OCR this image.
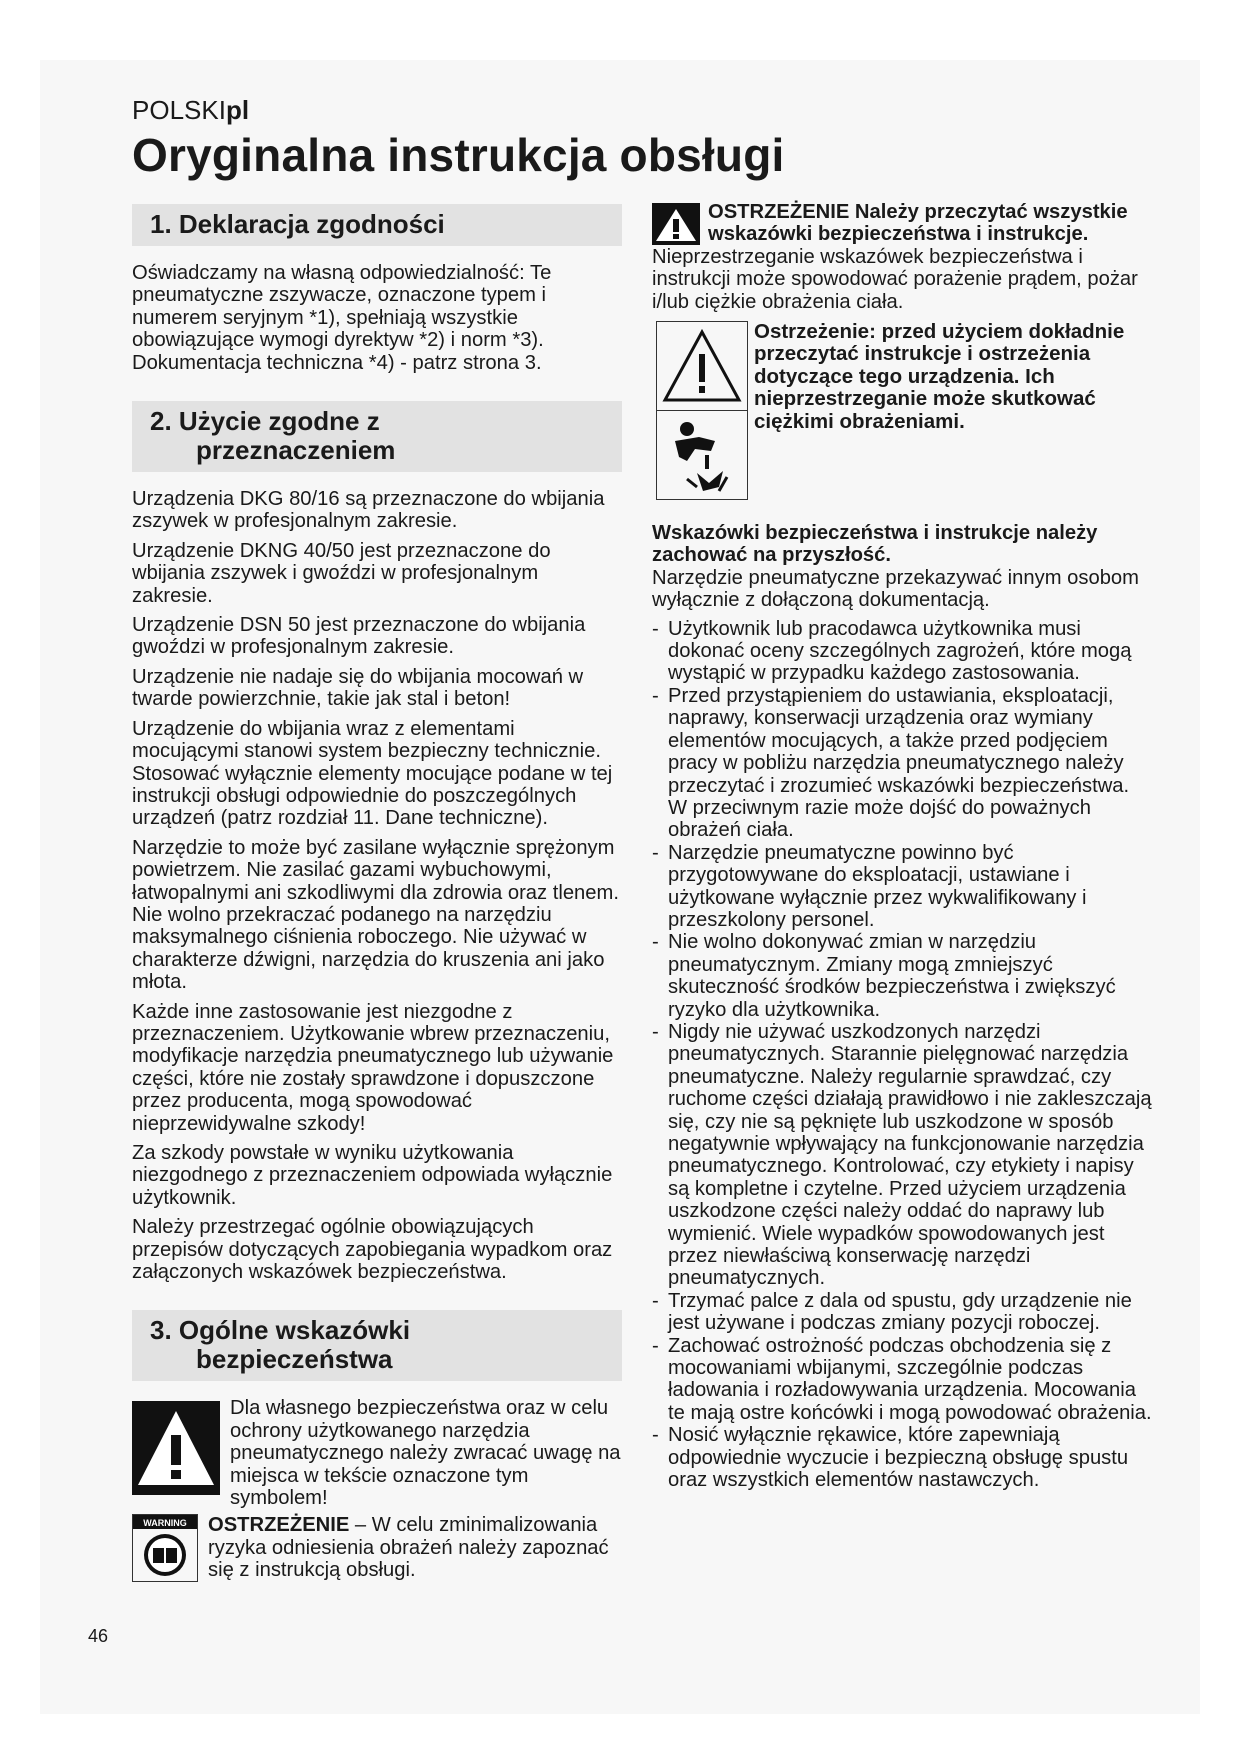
POLSKIpl
Oryginalna instrukcja obsługi
1. Deklaracja zgodności

Oświadczamy na własną odpowiedzialność: Te pneumatyczne zszywacze, oznaczone typem i numerem seryjnym *1), spełniają wszystkie obowiązujące wymogi dyrektyw *2) i norm *3). Dokumentacja techniczna *4) - patrz strona 3.

2. Użycie zgodne z
przeznaczeniem

Urządzenia DKG 80/16 są przeznaczone do wbijania zszywek w profesjonalnym zakresie.

Urządzenie DKNG 40/50 jest przeznaczone do wbijania zszywek i gwoździ w profesjonalnym zakresie.

Urządzenie DSN 50 jest przeznaczone do wbijania gwoździ w profesjonalnym zakresie.

Urządzenie nie nadaje się do wbijania mocowań w twarde powierzchnie, takie jak stal i beton!

Urządzenie do wbijania wraz z elementami mocującymi stanowi system bezpieczny technicznie. Stosować wyłącznie elementy mocujące podane w tej instrukcji obsługi odpowiednie do poszczególnych urządzeń (patrz rozdział 11. Dane techniczne).

Narzędzie to może być zasilane wyłącznie sprężonym powietrzem. Nie zasilać gazami wybuchowymi, łatwopalnymi ani szkodliwymi dla zdrowia oraz tlenem. Nie wolno przekraczać podanego na narzędziu maksymalnego ciśnienia roboczego. Nie używać w charakterze dźwigni, narzędzia do kruszenia ani jako młota.

Każde inne zastosowanie jest niezgodne z przeznaczeniem. Użytkowanie wbrew przeznaczeniu, modyfikacje narzędzia pneumatycznego lub używanie części, które nie zostały sprawdzone i dopuszczone przez producenta, mogą spowodować nieprzewidywalne szkody!

Za szkody powstałe w wyniku użytkowania niezgodnego z przeznaczeniem odpowiada wyłącznie użytkownik.

Należy przestrzegać ogólnie obowiązujących przepisów dotyczących zapobiegania wypadkom oraz załączonych wskazówek bezpieczeństwa.

3. Ogólne wskazówki
bezpieczeństwa
Dla własnego bezpieczeństwa oraz w celu ochrony użytkowanego narzędzia pneumatycznego należy zwracać uwagę na miejsca w tekście oznaczone tym symbolem!
WARNING OSTRZEŻENIE – W celu zminimalizowania ryzyka odniesienia obrażeń należy zapoznać się z instrukcją obsługi.
OSTRZEŻENIE Należy przeczytać wszystkie wskazówki bezpieczeństwa i instrukcje. Nieprzestrzeganie wskazówek bezpieczeństwa i instrukcji może spowodować porażenie prądem, pożar i/lub ciężkie obrażenia ciała.
Ostrzeżenie: przed użyciem dokładnie przeczytać instrukcje i ostrzeżenia dotyczące tego urządzenia. Ich nieprzestrzeganie może skutkować ciężkimi obrażeniami.
Wskazówki bezpieczeństwa i instrukcje należy zachować na przyszłość.
Narzędzie pneumatyczne przekazywać innym osobom wyłącznie z dołączoną dokumentacją.
- Użytkownik lub pracodawca użytkownika musi dokonać oceny szczególnych zagrożeń, które mogą wystąpić w przypadku każdego zastosowania.
- Przed przystąpieniem do ustawiania, eksploatacji, naprawy, konserwacji urządzenia oraz wymiany elementów mocujących, a także przed podjęciem pracy w pobliżu narzędzia pneumatycznego należy przeczytać i zrozumieć wskazówki bezpieczeństwa. W przeciwnym razie może dojść do poważnych obrażeń ciała.
- Narzędzie pneumatyczne powinno być przygotowywane do eksploatacji, ustawiane i użytkowane wyłącznie przez wykwalifikowany i przeszkolony personel.
- Nie wolno dokonywać zmian w narzędziu pneumatycznym. Zmiany mogą zmniejszyć skuteczność środków bezpieczeństwa i zwiększyć ryzyko dla użytkownika.
- Nigdy nie używać uszkodzonych narzędzi pneumatycznych. Starannie pielęgnować narzędzia pneumatyczne. Należy regularnie sprawdzać, czy ruchome części działają prawidłowo i nie zakleszczają się, czy nie są pęknięte lub uszkodzone w sposób negatywnie wpływający na funkcjonowanie narzędzia pneumatycznego. Kontrolować, czy etykiety i napisy są kompletne i czytelne. Przed użyciem urządzenia uszkodzone części należy oddać do naprawy lub wymienić. Wiele wypadków spowodowanych jest przez niewłaściwą konserwację narzędzi pneumatycznych.
- Trzymać palce z dala od spustu, gdy urządzenie nie jest używane i podczas zmiany pozycji roboczej.
- Zachować ostrożność podczas obchodzenia się z mocowaniami wbijanymi, szczególnie podczas ładowania i rozładowywania urządzenia. Mocowania te mają ostre końcówki i mogą powodować obrażenia.
- Nosić wyłącznie rękawice, które zapewniają odpowiednie wyczucie i bezpieczną obsługę spustu oraz wszystkich elementów nastawczych.
46
